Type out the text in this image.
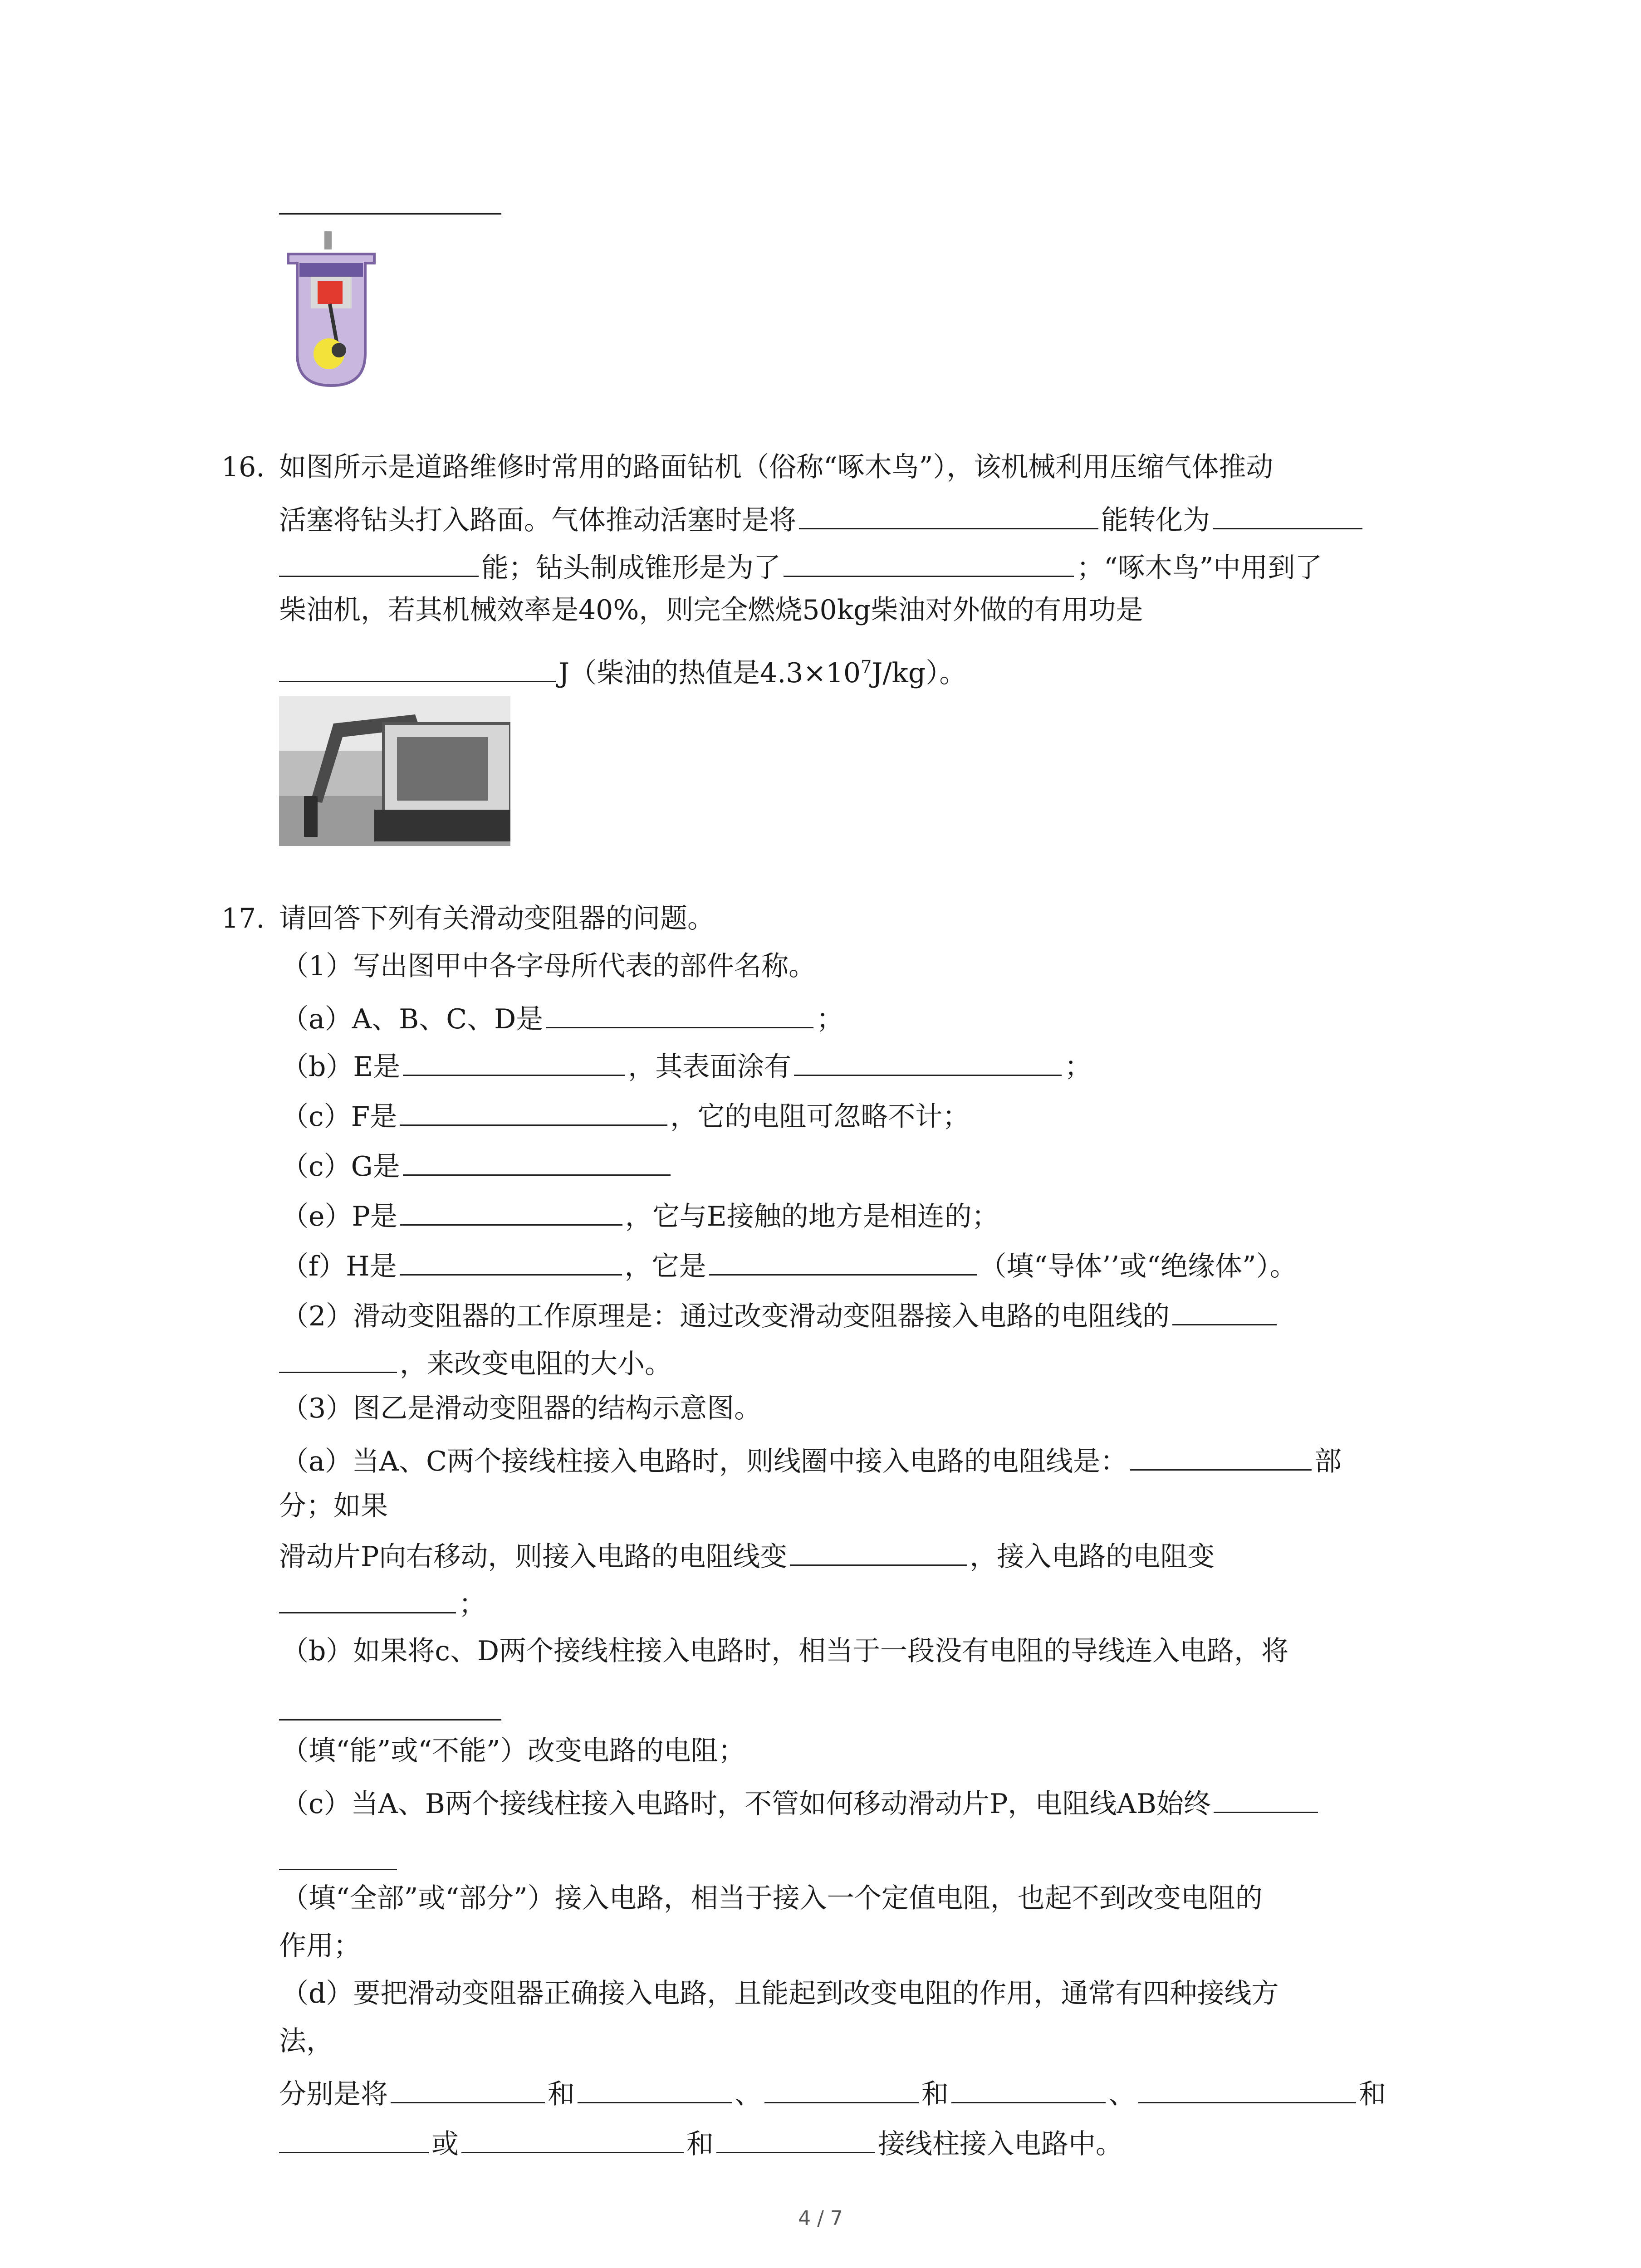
16. 如图所示是道路维修时常用的路面钻机（俗称“啄木鸟”），该机械利用压缩气体推动
活塞将钻头打入路面。气体推动活塞时是将	能转化为
能；钻头制成锥形是为了	；“啄木鸟”中用到了
柴油机，若其机械效率是40%，则完全燃烧50kg柴油对外做的有用功是
J（柴油的热值是$4.3\times 10^7J/kg$）。
17. 请回答下列有关滑动变阻器的问题。
（1）写出图甲中各字母所代表的部件名称。
（a）A、B、C、D是	；
（b）E是	，其表面涂有	；
（c）F是	，它的电阻可忽略不计；
（c）G是
（e）P是	，它与E接触的地方是相连的；
（f）H是	，它是	（填“导体’’或“绝缘体”）。
（2）滑动变阻器的工作原理是：通过改变滑动变阻器接入电路的电阻线的
，来改变电阻的大小。
（3）图乙是滑动变阻器的结构示意图。
（a）当A、C两个接线柱接入电路时，则线圈中接入电路的电阻线是：	部
分；如果
滑动片P向右移动，则接入电路的电阻线变	，接入电路的电阻变
；
（b）如果将c、D两个接线柱接入电路时，相当于一段没有电阻的导线连入电路，将
（填“能”或“不能”）改变电路的电阻；
（c）当A、B两个接线柱接入电路时，不管如何移动滑动片P，电阻线AB始终
（填“全部”或“部分”）接入电路，相当于接入一个定值电阻，也起不到改变电阻的
作用；
（d）要把滑动变阻器正确接入电路，且能起到改变电阻的作用，通常有四种接线方
法，
分别是将	和	、	和	、	和
或	和	接线柱接入电路中。
4 / 7
